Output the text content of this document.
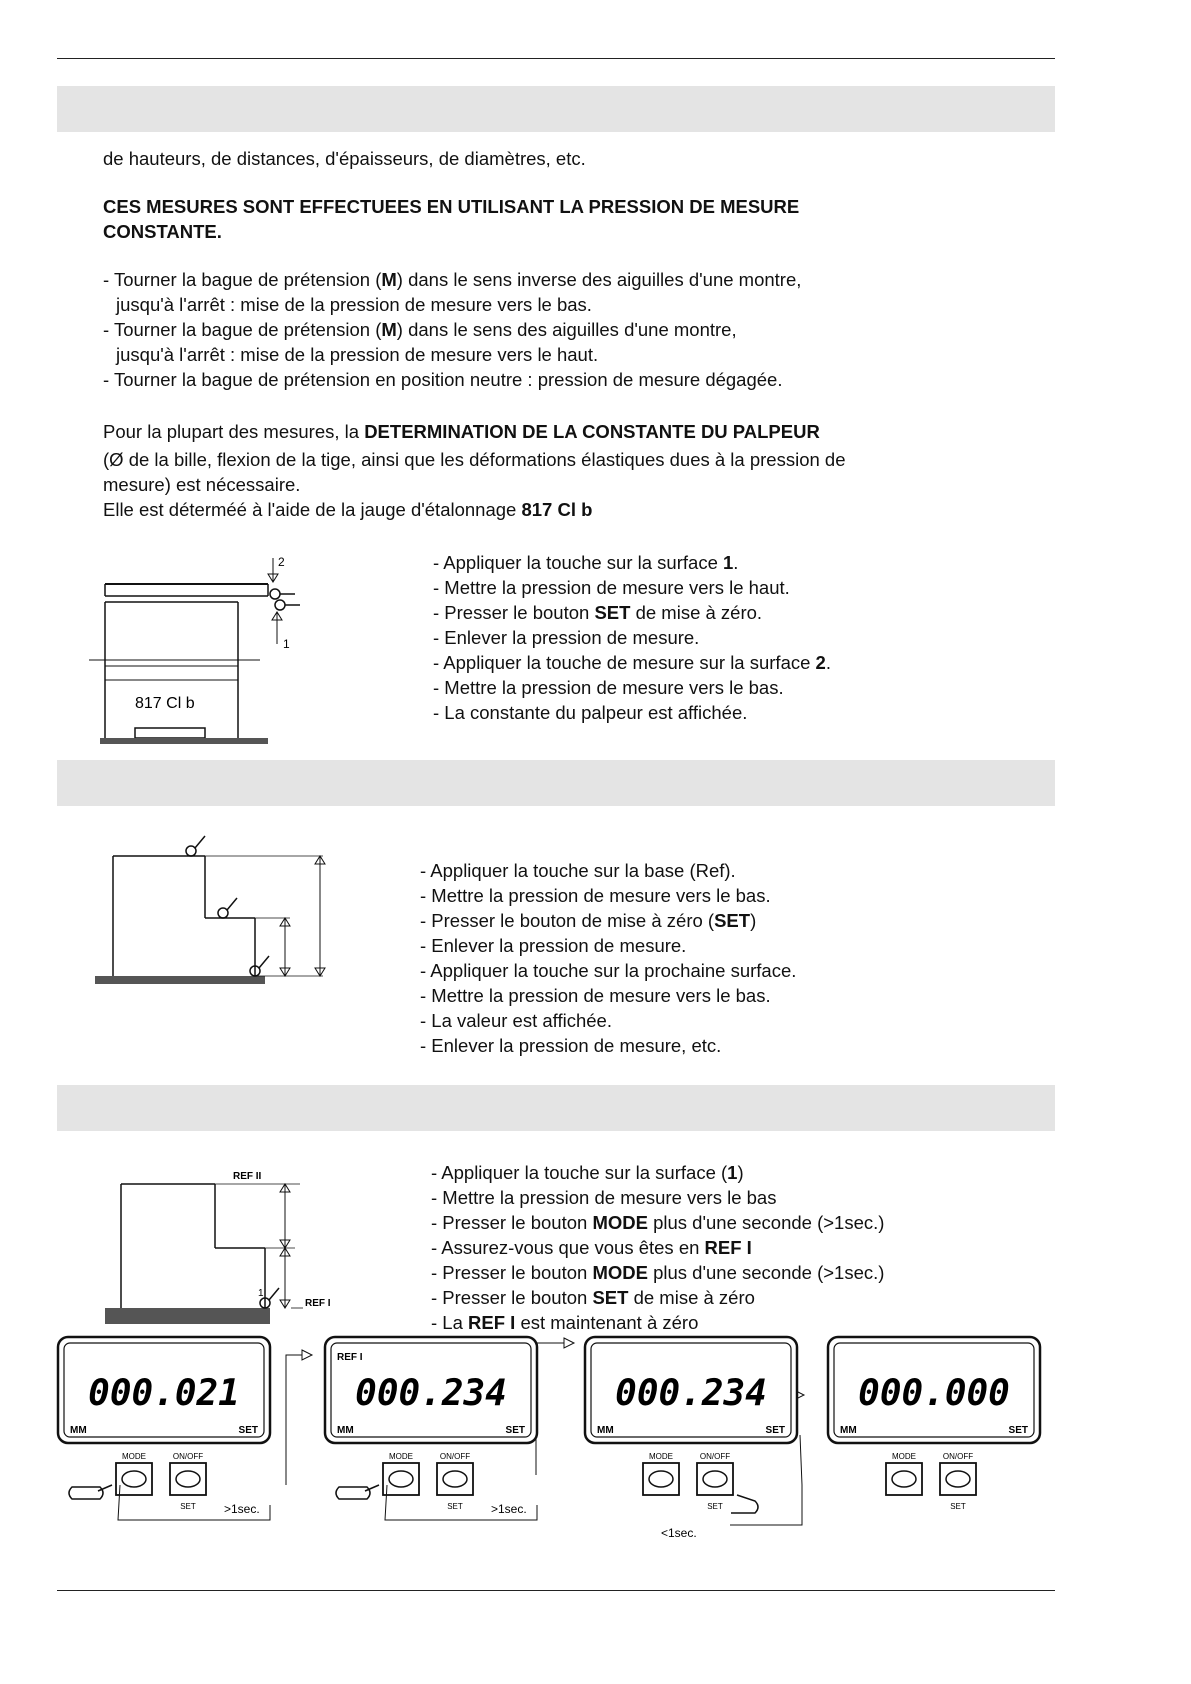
de hauteurs, de distances, d'épaisseurs, de diamètres, etc.

CES MESURES SONT EFFECTUEES EN UTILISANT LA PRESSION DE MESURE

CONSTANTE.

- Tourner la bague de prétension (M) dans le sens inverse des aiguilles d'une montre,

jusqu'à l'arrêt : mise de la pression de mesure vers le bas.

- Tourner la bague de prétension (M) dans le sens des aiguilles d'une montre,

jusqu'à l'arrêt : mise de la pression de mesure vers le haut.

- Tourner la bague de prétension en position neutre : pression de mesure dégagée.

Pour la plupart des mesures, la DETERMINATION DE LA CONSTANTE DU PALPEUR

(Ø de la bille, flexion de la tige, ainsi que les déformations élastiques dues à la pression de

mesure) est nécessaire.

Elle est déterméé à l'aide de la jauge d'étalonnage 817 Cl b

2
1
817 Cl b

- Appliquer la touche sur la surface 1.

- Mettre la pression de mesure vers le haut.

- Presser le bouton SET de mise à zéro.

- Enlever la pression de mesure.

- Appliquer la touche de mesure sur la surface 2.

- Mettre la pression de mesure vers le bas.

- La constante du palpeur est affichée.

- Appliquer la touche sur la base (Ref).

- Mettre la pression de mesure vers le bas.

- Presser le bouton de mise à zéro (SET)

- Enlever la pression de mesure.

- Appliquer la touche sur la prochaine surface.

- Mettre la pression de mesure vers le bas.

- La valeur est affichée.

- Enlever la pression de mesure, etc.

REF II
REF I
1

- Appliquer la touche sur la surface (1)

- Mettre la pression de mesure vers le bas

- Presser le bouton MODE plus d'une seconde (>1sec.)

- Assurez-vous que vous êtes en REF I

- Presser le bouton MODE plus d'une seconde (>1sec.)

- Presser le bouton SET de mise à zéro

- La REF I est maintenant à zéro

000.021
MM	SET
MODE	ON/OFF
SET >1sec.
000.234
REF I
MM	SET
MODE	ON/OFF
SET >1sec.
000.234
MM	SET
MODE	ON/OFF
SET
<1sec.
000.000
MM	SET
MODE	ON/OFF
SET
